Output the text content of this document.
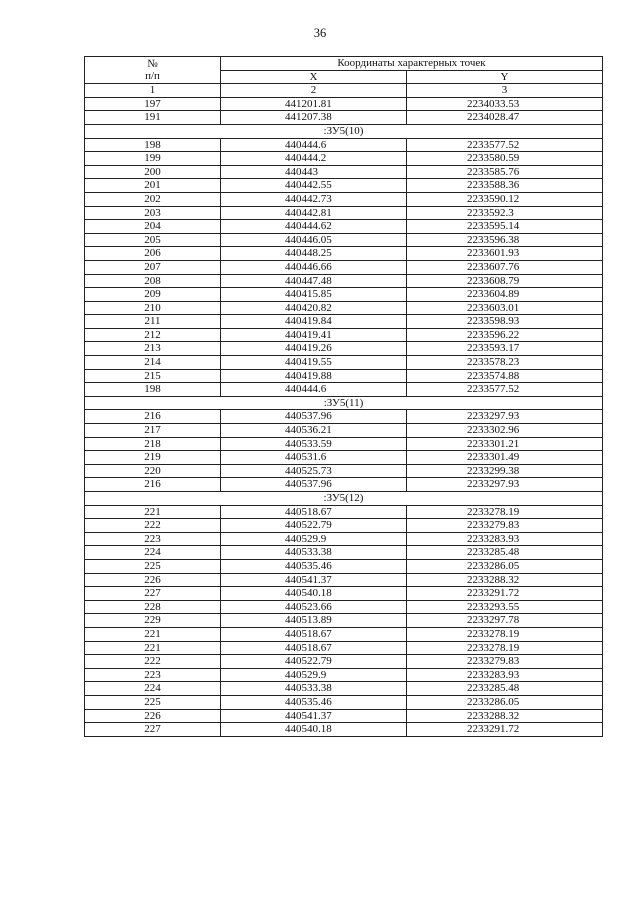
36
№
п/п	Координаты характерных точек	
	X	Y
1	2	3
197	441201.81	2234033.53
191	441207.38	2234028.47
:ЗУ5(10)		
198	440444.6	2233577.52
199	440444.2	2233580.59
200	440443	2233585.76
201	440442.55	2233588.36
202	440442.73	2233590.12
203	440442.81	2233592.3
204	440444.62	2233595.14
205	440446.05	2233596.38
206	440448.25	2233601.93
207	440446.66	2233607.76
208	440447.48	2233608.79
209	440415.85	2233604.89
210	440420.82	2233603.01
211	440419.84	2233598.93
212	440419.41	2233596.22
213	440419.26	2233593.17
214	440419.55	2233578.23
215	440419.88	2233574.88
198	440444.6	2233577.52
:ЗУ5(11)		
216	440537.96	2233297.93
217	440536.21	2233302.96
218	440533.59	2233301.21
219	440531.6	2233301.49
220	440525.73	2233299.38
216	440537.96	2233297.93
:ЗУ5(12)		
221	440518.67	2233278.19
222	440522.79	2233279.83
223	440529.9	2233283.93
224	440533.38	2233285.48
225	440535.46	2233286.05
226	440541.37	2233288.32
227	440540.18	2233291.72
228	440523.66	2233293.55
229	440513.89	2233297.78
221	440518.67	2233278.19
221	440518.67	2233278.19
222	440522.79	2233279.83
223	440529.9	2233283.93
224	440533.38	2233285.48
225	440535.46	2233286.05
226	440541.37	2233288.32
227	440540.18	2233291.72
